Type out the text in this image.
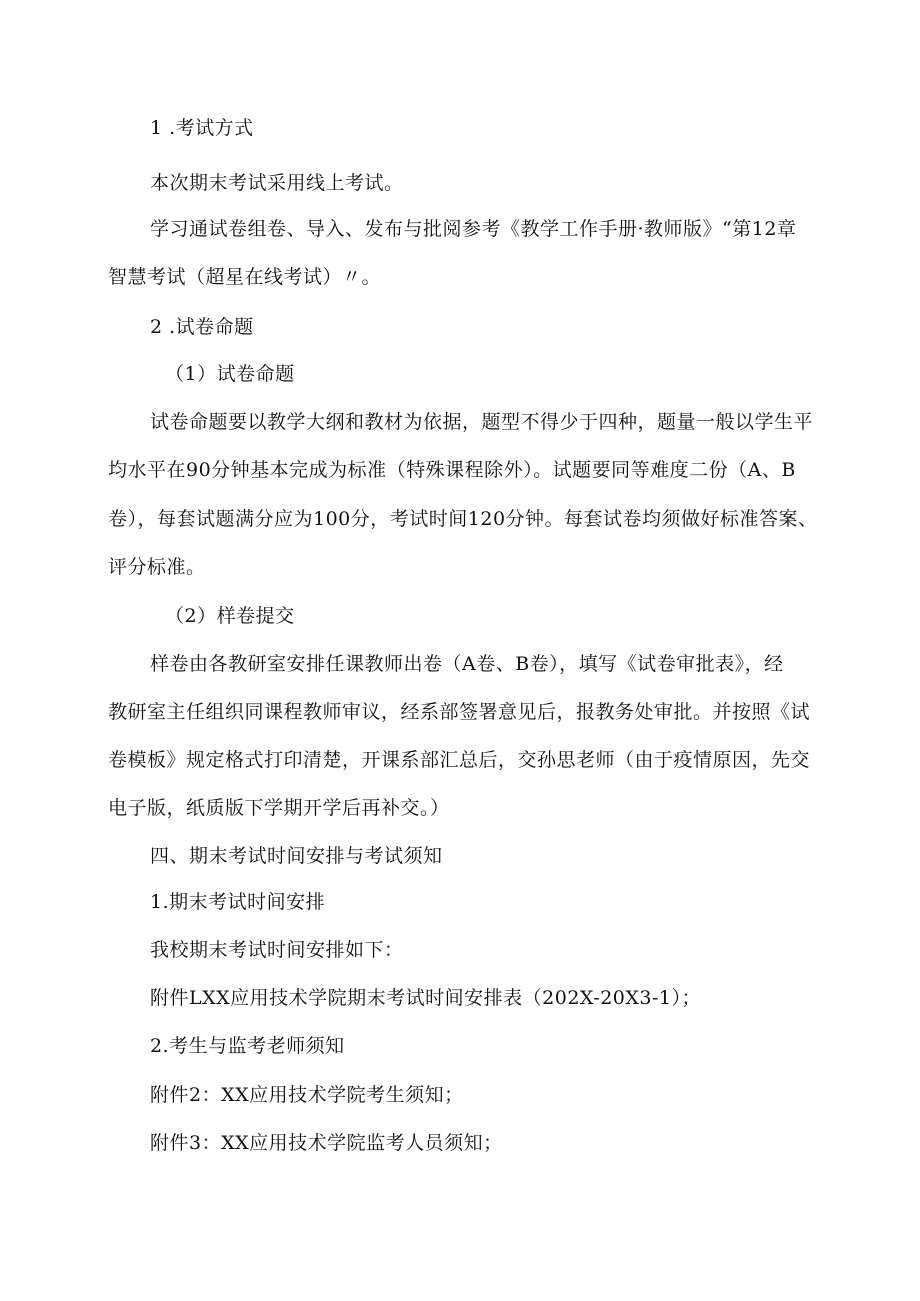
1 .考试方式
本次期末考试采用线上考试。
学习通试卷组卷、导入、发布与批阅参考《教学工作手册·教师版》“第12章
智慧考试（超星在线考试）〃。
2 .试卷命题
（1）试卷命题
试卷命题要以教学大纲和教材为依据，题型不得少于四种，题量一般以学生平
均水平在90分钟基本完成为标准（特殊课程除外）。试题要同等难度二份（A、B
卷），每套试题满分应为100分，考试时间120分钟。每套试卷均须做好标准答案、
评分标准。
（2）样卷提交
样卷由各教研室安排任课教师出卷（A卷、B卷），填写《试卷审批表》，经
教研室主任组织同课程教师审议，经系部签署意见后，报教务处审批。并按照《试
卷模板》规定格式打印清楚，开课系部汇总后，交孙思老师（由于疫情原因，先交
电子版，纸质版下学期开学后再补交。）
四、期末考试时间安排与考试须知
1.期末考试时间安排
我校期末考试时间安排如下：
附件LXX应用技术学院期末考试时间安排表（202X-20X3-1）；
2.考生与监考老师须知
附件2：XX应用技术学院考生须知；
附件3：XX应用技术学院监考人员须知；
